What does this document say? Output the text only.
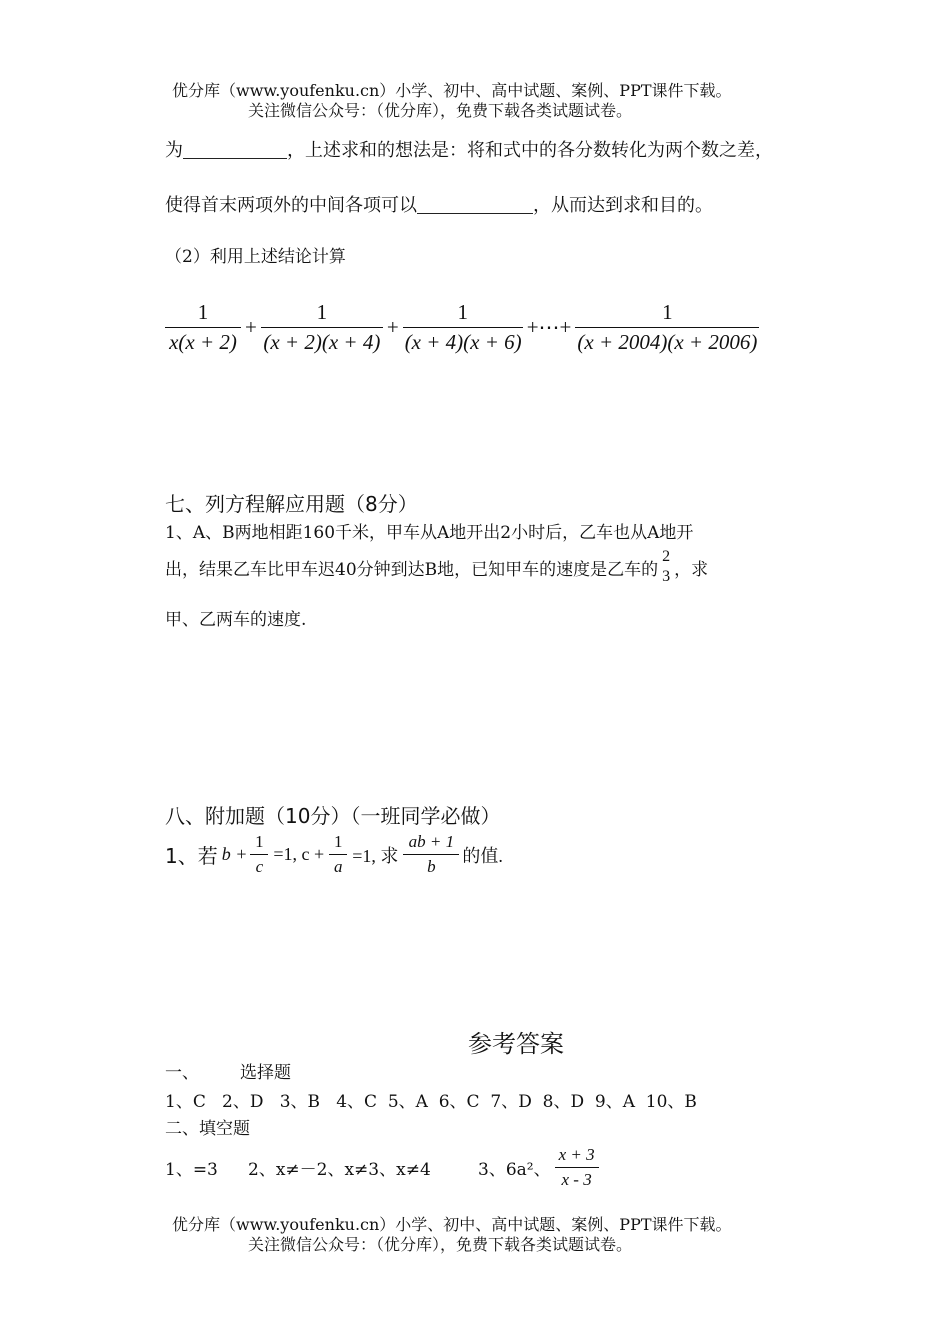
优分库（www.youfenku.cn）小学、初中、高中试题、案例、PPT课件下载。
关注微信公众号：（优分库），免费下载各类试题试卷。
为	，上述求和的想法是：将和式中的各分数转化为两个数之差，
使得首末两项外的中间各项可以	，从而达到求和目的。
（2）利用上述结论计算
$\frac{1}{x(x + 2)} + \frac{1}{(x + 2)(x + 4)} + \frac{1}{(x + 4)(x + 6)}$ +⋯+ $\frac{1}{(x + 2004)(x + 2006)}$
七、列方程解应用题（8分）
1、A、B两地相距160千米，甲车从A地开出2小时后，乙车也从A地开
出，结果乙车比甲车迟40分钟到达B地，已知甲车的速度是乙车的
2
3 ，求
甲、乙两车的速度.
八、附加题（10分）（一班同学必做）
1、若 $b + \frac{1}{c} =1$, $c + \frac{1}{a} =1$, 求 $\frac{ab + 1}{b}$ 的值.
参考答案
一、 选择题
1、C   2、D   3、B   4、C  5、A  6、C  7、D  8、D  9、A  10、B
二、填空题
1、=3 2、x≠－2、x≠3、x≠4	3、6a²、 $\frac{x + 3}{x - 3}$
优分库（www.youfenku.cn）小学、初中、高中试题、案例、PPT课件下载。
关注微信公众号：（优分库），免费下载各类试题试卷。
